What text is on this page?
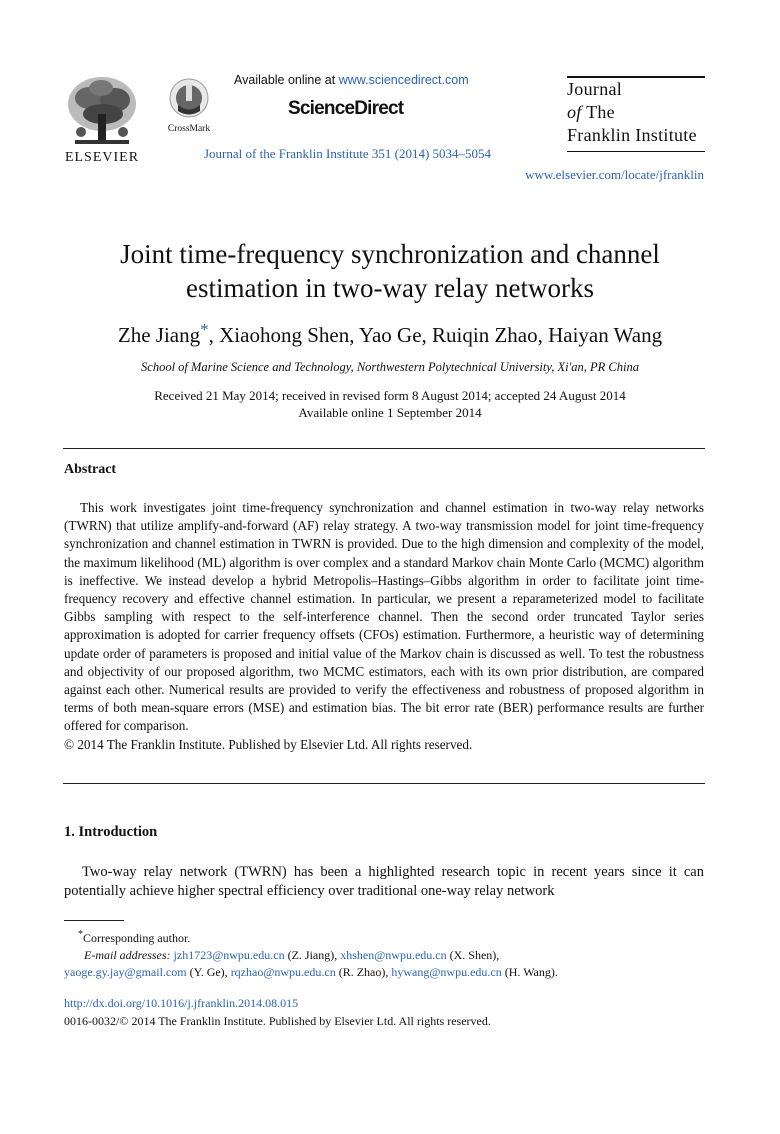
ELSEVIER
CrossMark
Available online at www.sciencedirect.com
ScienceDirect
Journal of the Franklin Institute 351 (2014) 5034–5054
Journal
of The
Franklin Institute
www.elsevier.com/locate/jfranklin
Joint time-frequency synchronization and channel
estimation in two-way relay networks
Zhe Jiang*, Xiaohong Shen, Yao Ge, Ruiqin Zhao, Haiyan Wang
School of Marine Science and Technology, Northwestern Polytechnical University, Xi'an, PR China
Received 21 May 2014; received in revised form 8 August 2014; accepted 24 August 2014
Available online 1 September 2014
Abstract

This work investigates joint time-frequency synchronization and channel estimation in two-way relay networks (TWRN) that utilize amplify-and-forward (AF) relay strategy. A two-way transmission model for joint time-frequency synchronization and channel estimation in TWRN is provided. Due to the high dimension and complexity of the model, the maximum likelihood (ML) algorithm is over complex and a standard Markov chain Monte Carlo (MCMC) algorithm is ineffective. We instead develop a hybrid Metropolis–Hastings–Gibbs algorithm in order to facilitate joint time-frequency recovery and effective channel estimation. In particular, we present a reparameterized model to facilitate Gibbs sampling with respect to the self-interference channel. Then the second order truncated Taylor series approximation is adopted for carrier frequency offsets (CFOs) estimation. Furthermore, a heuristic way of determining update order of parameters is proposed and initial value of the Markov chain is discussed as well. To test the robustness and objectivity of our proposed algorithm, two MCMC estimators, each with its own prior distribution, are compared against each other. Numerical results are provided to verify the effectiveness and robustness of proposed algorithm in terms of both mean-square errors (MSE) and estimation bias. The bit error rate (BER) performance results are further offered for comparison.

© 2014 The Franklin Institute. Published by Elsevier Ltd. All rights reserved.
1. Introduction

Two-way relay network (TWRN) has been a highlighted research topic in recent years since it can potentially achieve higher spectral efficiency over traditional one-way relay network

*Corresponding author.
E-mail addresses: jzh1723@nwpu.edu.cn (Z. Jiang), xhshen@nwpu.edu.cn (X. Shen),
yaoge.gy.jay@gmail.com (Y. Ge), rqzhao@nwpu.edu.cn (R. Zhao), hywang@nwpu.edu.cn (H. Wang).
http://dx.doi.org/10.1016/j.jfranklin.2014.08.015
0016-0032/© 2014 The Franklin Institute. Published by Elsevier Ltd. All rights reserved.
